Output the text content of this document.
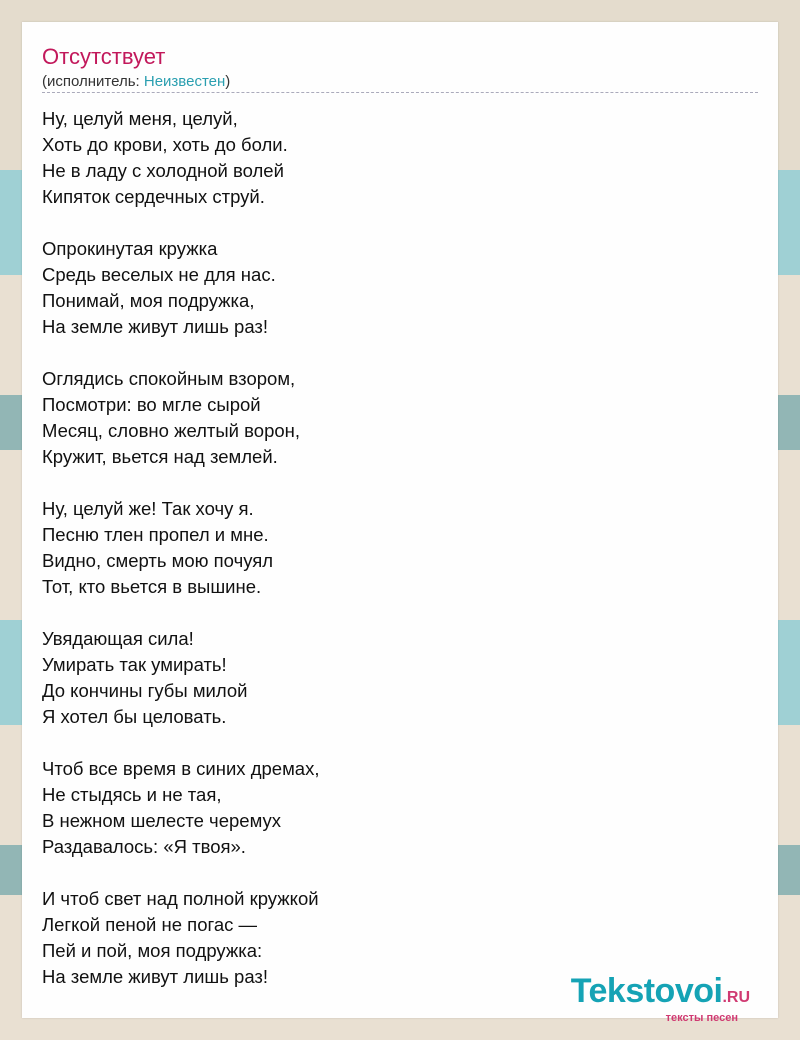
Отсутствует
(исполнитель: Неизвестен)
Ну, целуй меня, целуй,
Хоть до крови, хоть до боли.
Не в ладу с холодной волей
Кипяток сердечных струй.
Опрокинутая кружка
Средь веселых не для нас.
Понимай, моя подружка,
На земле живут лишь раз!
Оглядись спокойным взором,
Посмотри: во мгле сырой
Месяц, словно желтый ворон,
Кружит, вьется над землей.
Ну, целуй же! Так хочу я.
Песню тлен пропел и мне.
Видно, смерть мою почуял
Тот, кто вьется в вышине.
Увядающая сила!
Умирать так умирать!
До кончины губы милой
Я хотел бы целовать.
Чтоб все время в синих дремах,
Не стыдясь и не тая,
В нежном шелесте черемух
Раздавалось: «Я твоя».
И чтоб свет над полной кружкой
Легкой пеной не погас —
Пей и пой, моя подружка:
На земле живут лишь раз!	Tekstovoi.RU
тексты песен
